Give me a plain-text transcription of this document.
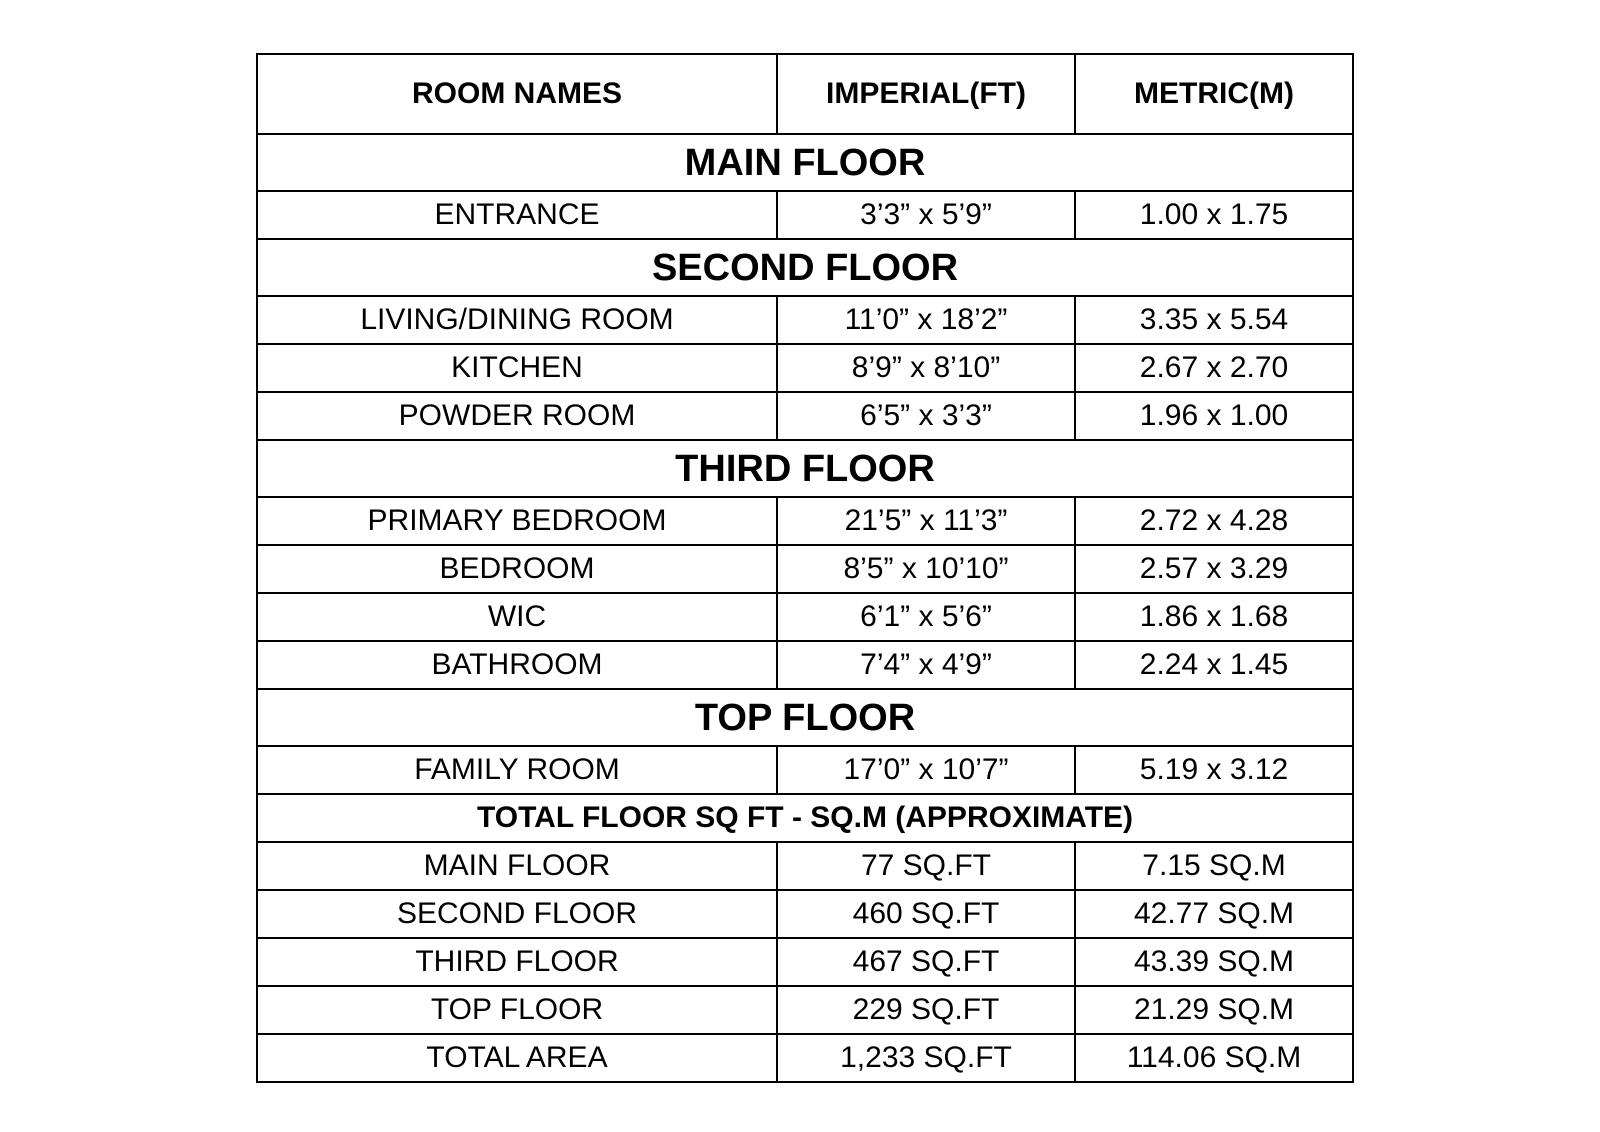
ROOM NAMES	IMPERIAL(FT)	METRIC(M)
MAIN FLOOR		
ENTRANCE	3’3” x 5’9”	1.00 x 1.75
SECOND FLOOR		
LIVING/DINING ROOM	11’0” x 18’2”	3.35 x 5.54
KITCHEN	8’9” x 8’10”	2.67 x 2.70
POWDER ROOM	6’5” x 3’3”	1.96 x 1.00
THIRD FLOOR		
PRIMARY BEDROOM	21’5” x 11’3”	2.72 x 4.28
BEDROOM	8’5” x 10’10”	2.57 x 3.29
WIC	6’1” x 5’6”	1.86 x 1.68
BATHROOM	7’4” x 4’9”	2.24 x 1.45
TOP FLOOR		
FAMILY ROOM	17’0” x 10’7”	5.19 x 3.12
TOTAL FLOOR SQ FT - SQ.M (APPROXIMATE)		
MAIN FLOOR	77 SQ.FT	7.15 SQ.M
SECOND FLOOR	460 SQ.FT	42.77 SQ.M
THIRD FLOOR	467 SQ.FT	43.39 SQ.M
TOP FLOOR	229 SQ.FT	21.29 SQ.M
TOTAL AREA	1,233 SQ.FT	114.06 SQ.M
